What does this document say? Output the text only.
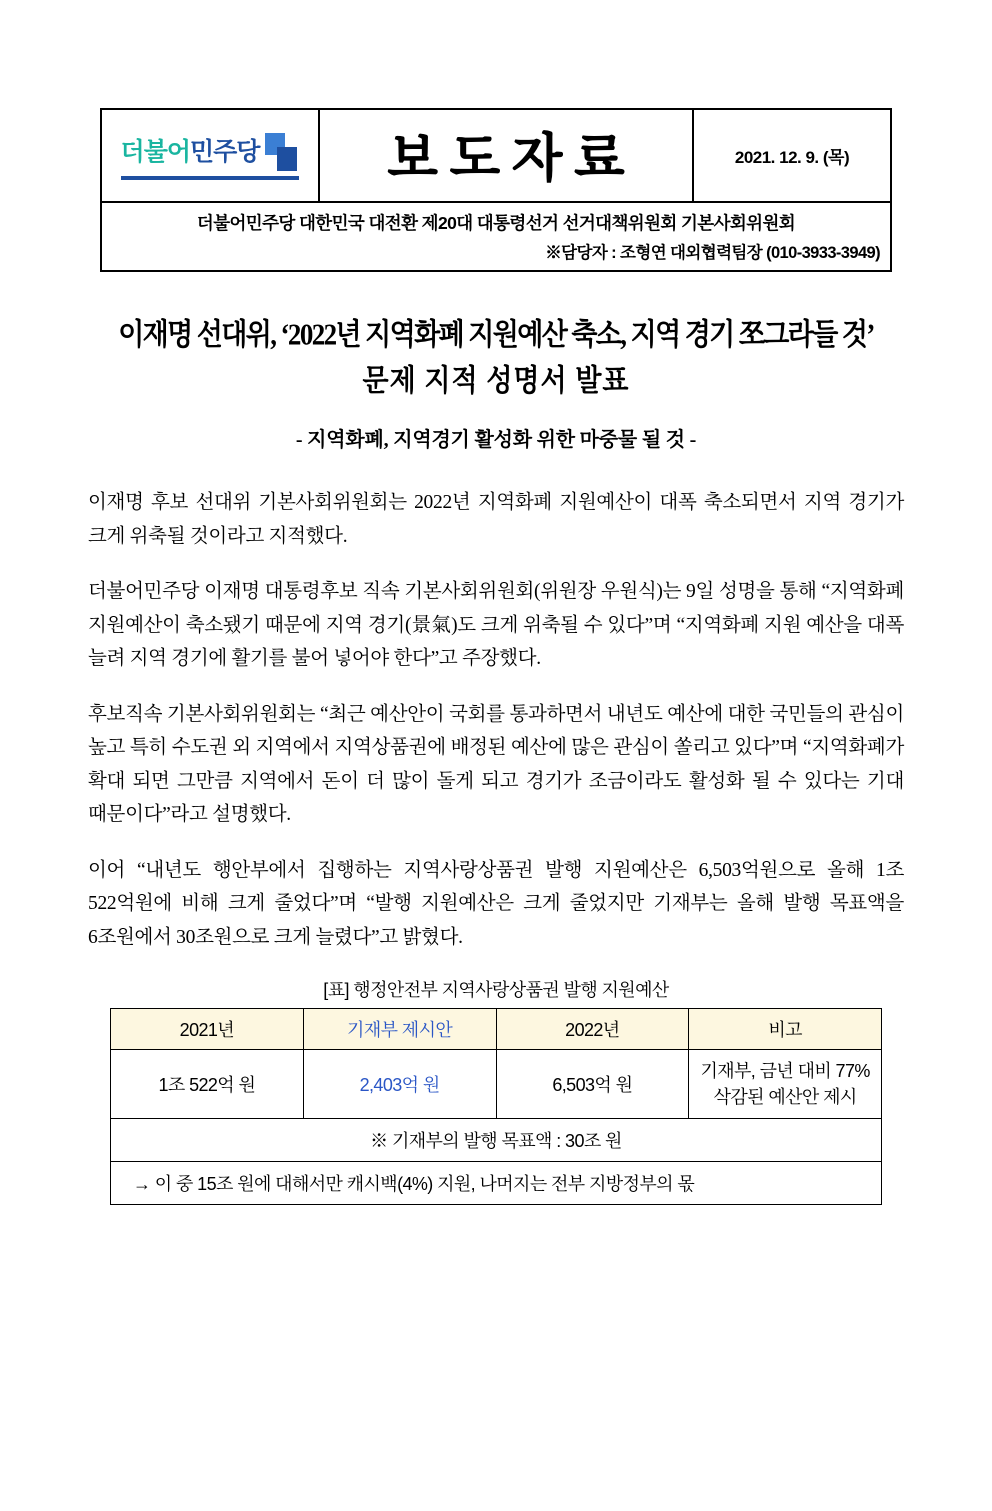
더불어 민주당 보도자료	2021. 12. 9. (목)
더불어민주당 대한민국 대전환 제20대 대통령선거 선거대책위원회 기본사회위원회
※담당자 : 조형연 대외협력팀장 (010-3933-3949)
이재명 선대위, ‘2022년 지역화폐 지원예산 축소, 지역 경기 쪼그라들 것’
문제 지적 성명서 발표
- 지역화폐, 지역경기 활성화 위한 마중물 될 것 -

이재명 후보 선대위 기본사회위원회는 2022년 지역화폐 지원예산이 대폭 축소되면서 지역 경기가 크게 위축될 것이라고 지적했다.

더불어민주당 이재명 대통령후보 직속 기본사회위원회(위원장 우원식)는 9일 성명을 통해 “지역화폐 지원예산이 축소됐기 때문에 지역 경기(景氣)도 크게 위축될 수 있다”며 “지역화폐 지원 예산을 대폭 늘려 지역 경기에 활기를 불어 넣어야 한다”고 주장했다.

후보직속 기본사회위원회는 “최근 예산안이 국회를 통과하면서 내년도 예산에 대한 국민들의 관심이 높고 특히 수도권 외 지역에서 지역상품권에 배정된 예산에 많은 관심이 쏠리고 있다”며 “지역화폐가 확대 되면 그만큼 지역에서 돈이 더 많이 돌게 되고 경기가 조금이라도 활성화 될 수 있다는 기대 때문이다”라고 설명했다.

이어 “내년도 행안부에서 집행하는 지역사랑상품권 발행 지원예산은 6,503억원으로 올해 1조 522억원에 비해 크게 줄었다”며 “발행 지원예산은 크게 줄었지만 기재부는 올해 발행 목표액을 6조원에서 30조원으로 크게 늘렸다”고 밝혔다.

[표] 행정안전부 지역사랑상품권 발행 지원예산
2021년	기재부 제시안	2022년	비고
1조 522억 원	2,403억 원	6,503억 원	기재부, 금년 대비 77%
삭감된 예산안 제시

※ 기재부의 발행 목표액 : 30조 원			
→ 이 중 15조 원에 대해서만 캐시백(4%) 지원, 나머지는 전부 지방정부의 몫			
